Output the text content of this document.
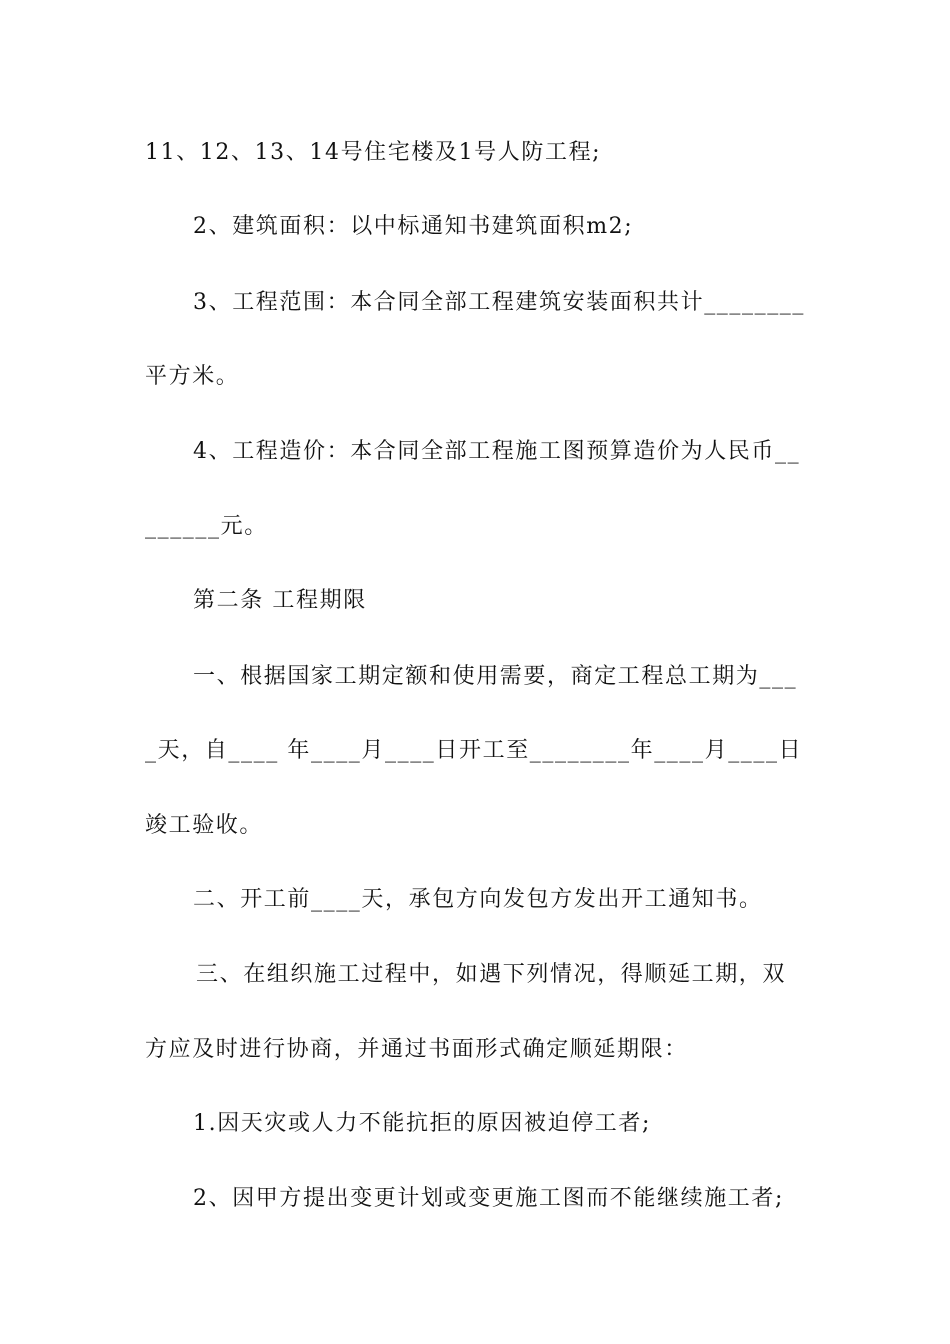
11、12、13、14号住宅楼及1号人防工程;
2、建筑面积：以中标通知书建筑面积m2;
3、工程范围：本合同全部工程建筑安装面积共计________
平方米。
4、工程造价：本合同全部工程施工图预算造价为人民币__
______元。
第二条 工程期限
一、根据国家工期定额和使用需要，商定工程总工期为___
_天，自____ 年____月____日开工至________年____月____日
竣工验收。
二、开工前____天，承包方向发包方发出开工通知书。
三、在组织施工过程中，如遇下列情况，得顺延工期，双
方应及时进行协商，并通过书面形式确定顺延期限：
1.因天灾或人力不能抗拒的原因被迫停工者;
2、因甲方提出变更计划或变更施工图而不能继续施工者;
